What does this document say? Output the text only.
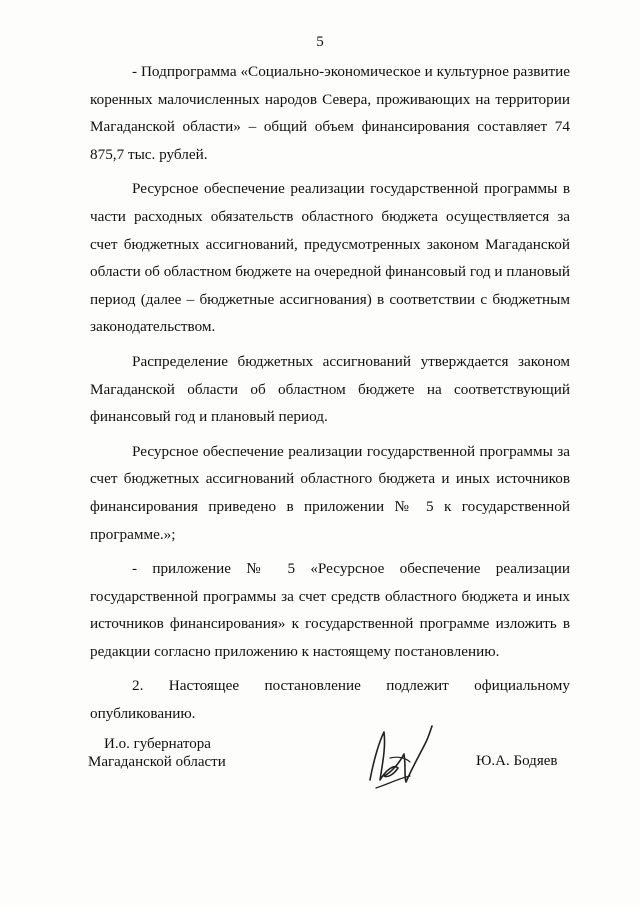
5

- Подпрограмма «Социально-экономическое и культурное развитие коренных малочисленных народов Севера, проживающих на территории Магаданской области» – общий объем финансирования составляет 74 875,7 тыс. рублей.

Ресурсное обеспечение реализации государственной программы в части расходных обязательств областного бюджета осуществляется за счет бюджетных ассигнований, предусмотренных законом Магаданской области об областном бюджете на очередной финансовый год и плановый период (далее – бюджетные ассигнования) в соответствии с бюджетным законодательством.

Распределение бюджетных ассигнований утверждается законом Магаданской области об областном бюджете на соответствующий финансовый год и плановый период.

Ресурсное обеспечение реализации государственной программы за счет бюджетных ассигнований областного бюджета и иных источников финансирования приведено в приложении № 5 к государственной программе.»;

- приложение № 5 «Ресурсное обеспечение реализации государственной программы за счет средств областного бюджета и иных источников финансирования» к государственной программе изложить в редакции согласно приложению к настоящему постановлению.

2. Настоящее постановление подлежит официальному опубликованию.

И.о. губернатора
Магаданской области	Ю.А. Бодяев
